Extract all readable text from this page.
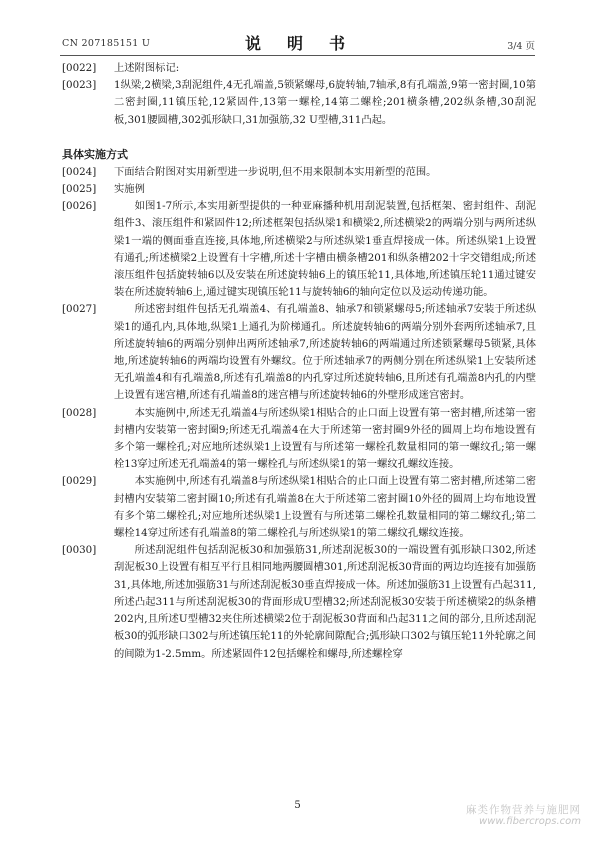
CN 207185151 U	说　明　书	3/4 页
[0022]	上述附图标记:
[0023]	1纵梁,2横梁,3刮泥组件,4无孔端盖,5锁紧螺母,6旋转轴,7轴承,8有孔端盖,9第一密封圈,10第二密封圈,11镇压轮,12紧固件,13第一螺栓,14第二螺栓;201横条槽,202纵条槽,30刮泥板,301腰圆槽,302弧形缺口,31加强筋,32 U型槽,311凸起。
具体实施方式
[0024]	下面结合附图对实用新型进一步说明,但不用来限制本实用新型的范围。
[0025]	实施例
[0026]	如图1-7所示,本实用新型提供的一种亚麻播种机用刮泥装置,包括框架、密封组件、刮泥组件3、滚压组件和紧固件12;所述框架包括纵梁1和横梁2,所述横梁2的两端分别与两所述纵梁1一端的侧面垂直连接,具体地,所述横梁2与所述纵梁1垂直焊接成一体。所述纵梁1上设置有通孔;所述横梁2上设置有十字槽,所述十字槽由横条槽201和纵条槽202十字交错组成;所述滚压组件包括旋转轴6以及安装在所述旋转轴6上的镇压轮11,具体地,所述镇压轮11通过键安装在所述旋转轴6上,通过键实现镇压轮11与旋转轴6的轴向定位以及运动传递功能。
[0027]	所述密封组件包括无孔端盖4、有孔端盖8、轴承7和锁紧螺母5;所述轴承7安装于所述纵梁1的通孔内,具体地,纵梁1上通孔为阶梯通孔。所述旋转轴6的两端分别外套两所述轴承7,且所述旋转轴6的两端分别伸出两所述轴承7,所述旋转轴6的两端通过所述锁紧螺母5锁紧,具体地,所述旋转轴6的两端均设置有外螺纹。位于所述轴承7的两侧分别在所述纵梁1上安装所述无孔端盖4和有孔端盖8,所述有孔端盖8的内孔穿过所述旋转轴6,且所述有孔端盖8内孔的内壁上设置有迷宫槽,所述有孔端盖8的迷宫槽与所述旋转轴6的外壁形成迷宫密封。
[0028]	本实施例中,所述无孔端盖4与所述纵梁1相贴合的止口面上设置有第一密封槽,所述第一密封槽内安装第一密封圈9;所述无孔端盖4在大于所述第一密封圈9外径的圆周上均布地设置有多个第一螺栓孔;对应地所述纵梁1上设置有与所述第一螺栓孔数量相同的第一螺纹孔;第一螺栓13穿过所述无孔端盖4的第一螺栓孔与所述纵梁1的第一螺纹孔螺纹连接。
[0029]	本实施例中,所述有孔端盖8与所述纵梁1相贴合的止口面上设置有第二密封槽,所述第二密封槽内安装第二密封圈10;所述有孔端盖8在大于所述第二密封圈10外径的圆周上均布地设置有多个第二螺栓孔;对应地所述纵梁1上设置有与所述第二螺栓孔数量相同的第二螺纹孔;第二螺栓14穿过所述有孔端盖8的第二螺栓孔与所述纵梁1的第二螺纹孔螺纹连接。
[0030]	所述刮泥组件包括刮泥板30和加强筋31,所述刮泥板30的一端设置有弧形缺口302,所述刮泥板30上设置有相互平行且相同地两腰圆槽301,所述刮泥板30背面的两边均连接有加强筋31,具体地,所述加强筋31与所述刮泥板30垂直焊接成一体。所述加强筋31上设置有凸起311,所述凸起311与所述刮泥板30的背面形成U型槽32;所述刮泥板30安装于所述横梁2的纵条槽202内,且所述U型槽32夹住所述横梁2位于刮泥板30背面和凸起311之间的部分,且所述刮泥板30的弧形缺口302与所述镇压轮11的外轮廓间隙配合;弧形缺口302与镇压轮11外轮廓之间的间隙为1-2.5mm。所述紧固件12包括螺栓和螺母,所述螺栓穿
5	麻类作物营养与施肥网
www.fibercrops.com
